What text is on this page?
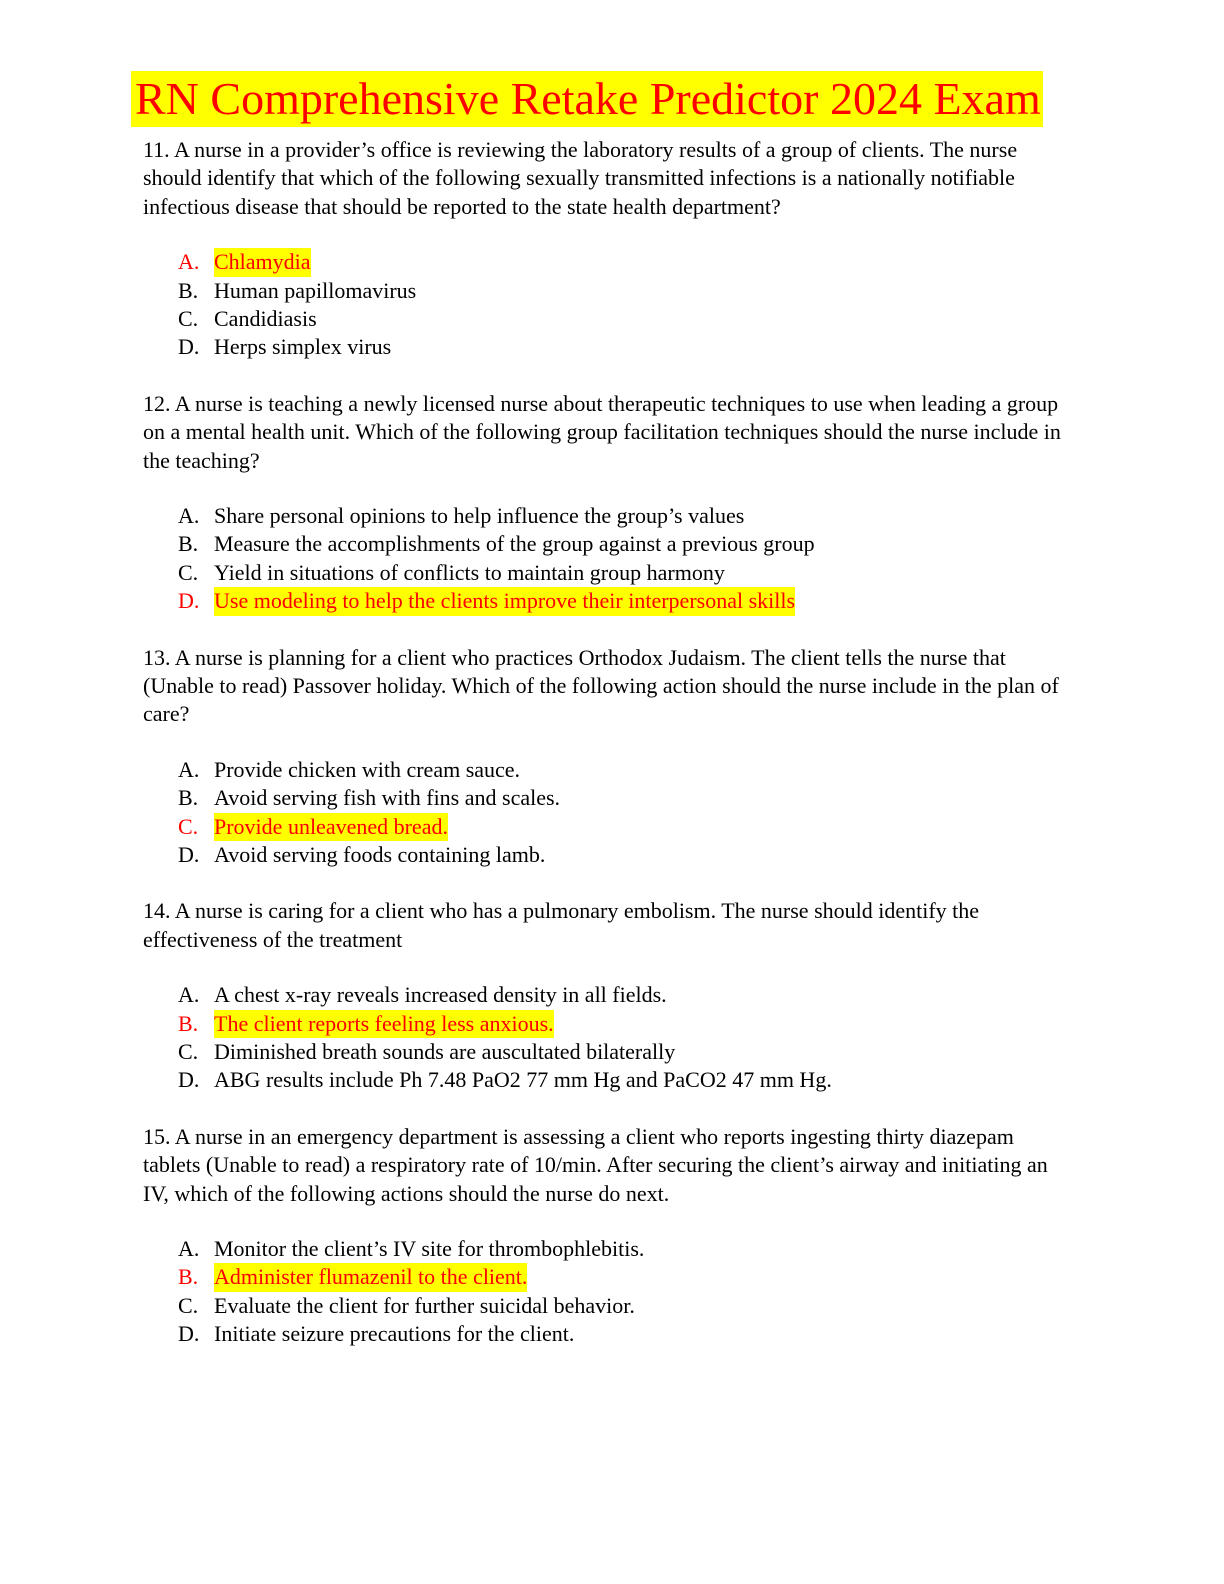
RN Comprehensive Retake Predictor 2024 Exam

11. A nurse in a provider’s office is reviewing the laboratory results of a group of clients. The nurse should identify that which of the following sexually transmitted infections is a nationally notifiable infectious disease that should be reported to the state health department?

A. Chlamydia
B. Human papillomavirus
C. Candidiasis
D. Herps simplex virus

12. A nurse is teaching a newly licensed nurse about therapeutic techniques to use when leading a group on a mental health unit. Which of the following group facilitation techniques should the nurse include in the teaching?

A. Share personal opinions to help influence the group’s values
B. Measure the accomplishments of the group against a previous group
C. Yield in situations of conflicts to maintain group harmony
D. Use modeling to help the clients improve their interpersonal skills

13. A nurse is planning for a client who practices Orthodox Judaism. The client tells the nurse that (Unable to read) Passover holiday. Which of the following action should the nurse include in the plan of care?

A. Provide chicken with cream sauce.
B. Avoid serving fish with fins and scales.
C. Provide unleavened bread.
D. Avoid serving foods containing lamb.

14. A nurse is caring for a client who has a pulmonary embolism. The nurse should identify the effectiveness of the treatment

A. A chest x-ray reveals increased density in all fields.
B. The client reports feeling less anxious.
C. Diminished breath sounds are auscultated bilaterally
D. ABG results include Ph 7.48 PaO2 77 mm Hg and PaCO2 47 mm Hg.

15. A nurse in an emergency department is assessing a client who reports ingesting thirty diazepam tablets (Unable to read) a respiratory rate of 10/min. After securing the client’s airway and initiating an IV, which of the following actions should the nurse do next.

A. Monitor the client’s IV site for thrombophlebitis.
B. Administer flumazenil to the client.
C. Evaluate the client for further suicidal behavior.
D. Initiate seizure precautions for the client.
